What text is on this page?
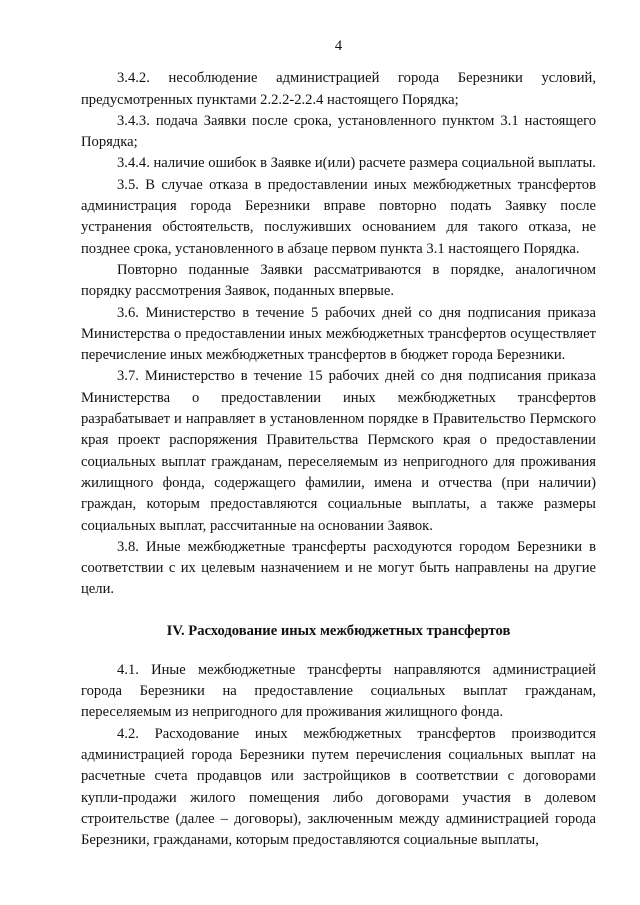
4

3.4.2. несоблюдение администрацией города Березники условий, предусмотренных пунктами 2.2.2-2.2.4 настоящего Порядка;

3.4.3. подача Заявки после срока, установленного пунктом 3.1 настоящего Порядка;

3.4.4. наличие ошибок в Заявке и(или) расчете размера социальной выплаты.

3.5. В случае отказа в предоставлении иных межбюджетных трансфертов администрация города Березники вправе повторно подать Заявку после устранения обстоятельств, послуживших основанием для такого отказа, не позднее срока, установленного в абзаце первом пункта 3.1 настоящего Порядка.

Повторно поданные Заявки рассматриваются в порядке, аналогичном порядку рассмотрения Заявок, поданных впервые.

3.6. Министерство в течение 5 рабочих дней со дня подписания приказа Министерства о предоставлении иных межбюджетных трансфертов осуществляет перечисление иных межбюджетных трансфертов в бюджет города Березники.

3.7. Министерство в течение 15 рабочих дней со дня подписания приказа Министерства о предоставлении иных межбюджетных трансфертов разрабатывает и направляет в установленном порядке в Правительство Пермского края проект распоряжения Правительства Пермского края о предоставлении социальных выплат гражданам, переселяемым из непригодного для проживания жилищного фонда, содержащего фамилии, имена и отчества (при наличии) граждан, которым предоставляются социальные выплаты, а также размеры социальных выплат, рассчитанные на основании Заявок.

3.8. Иные межбюджетные трансферты расходуются городом Березники в соответствии с их целевым назначением и не могут быть направлены на другие цели.

IV. Расходование иных межбюджетных трансфертов

4.1. Иные межбюджетные трансферты направляются администрацией города Березники на предоставление социальных выплат гражданам, переселяемым из непригодного для проживания жилищного фонда.

4.2. Расходование иных межбюджетных трансфертов производится администрацией города Березники путем перечисления социальных выплат на расчетные счета продавцов или застройщиков в соответствии с договорами купли-продажи жилого помещения либо договорами участия в долевом строительстве (далее – договоры), заключенным между администрацией города Березники, гражданами, которым предоставляются социальные выплаты,
